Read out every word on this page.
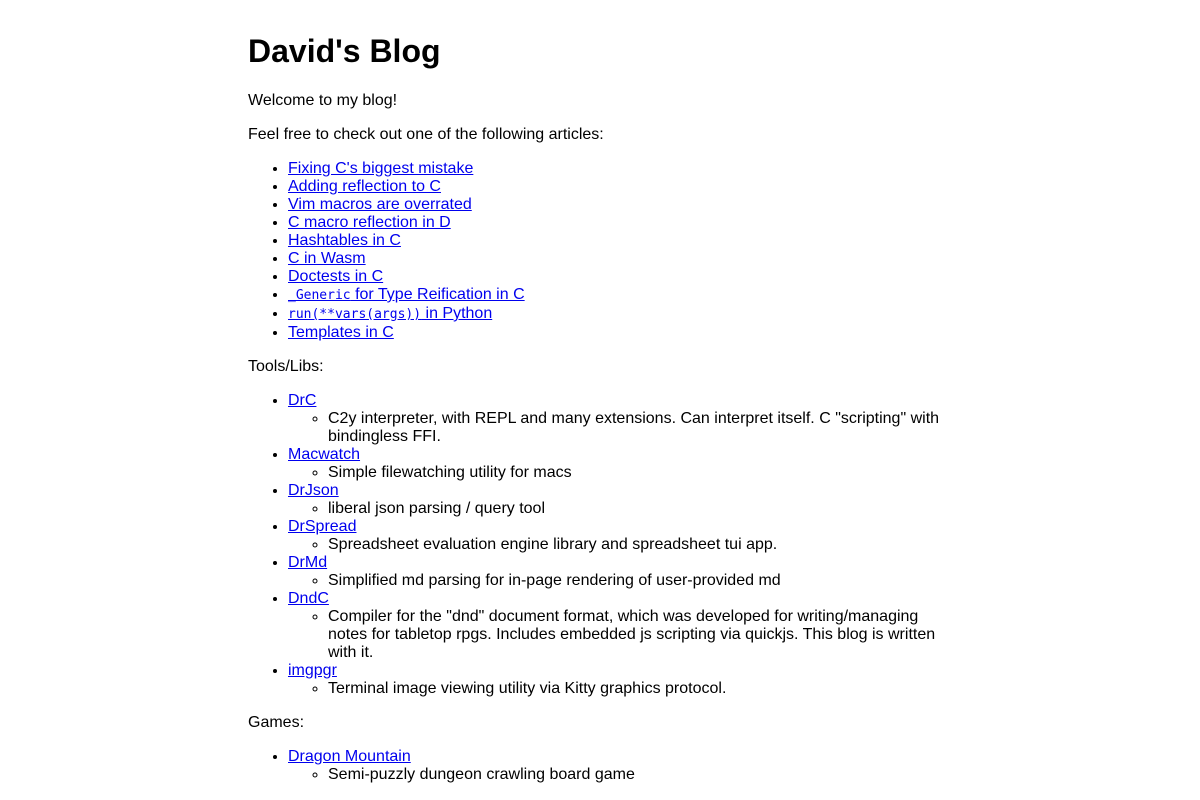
David's Blog

Welcome to my blog!

Feel free to check out one of the following articles:

• Fixing C's biggest mistake
• Adding reflection to C
• Vim macros are overrated
• C macro reflection in D
• Hashtables in C
• C in Wasm
• Doctests in C
• _Generic for Type Reification in C
• run(**vars(args)) in Python
• Templates in C

Tools/Libs:

• DrC
◦ C2y interpreter, with REPL and many extensions. Can interpret itself. C "scripting" with bindingless FFI.
• Macwatch
◦ Simple filewatching utility for macs
• DrJson
◦ liberal json parsing / query tool
• DrSpread
◦ Spreadsheet evaluation engine library and spreadsheet tui app.
• DrMd
◦ Simplified md parsing for in-page rendering of user-provided md
• DndC
◦ Compiler for the "dnd" document format, which was developed for writing/managing notes for tabletop rpgs. Includes embedded js scripting via quickjs. This blog is written with it.
• imgpgr
◦ Terminal image viewing utility via Kitty graphics protocol.

Games:

• Dragon Mountain
◦ Semi-puzzly dungeon crawling board game
